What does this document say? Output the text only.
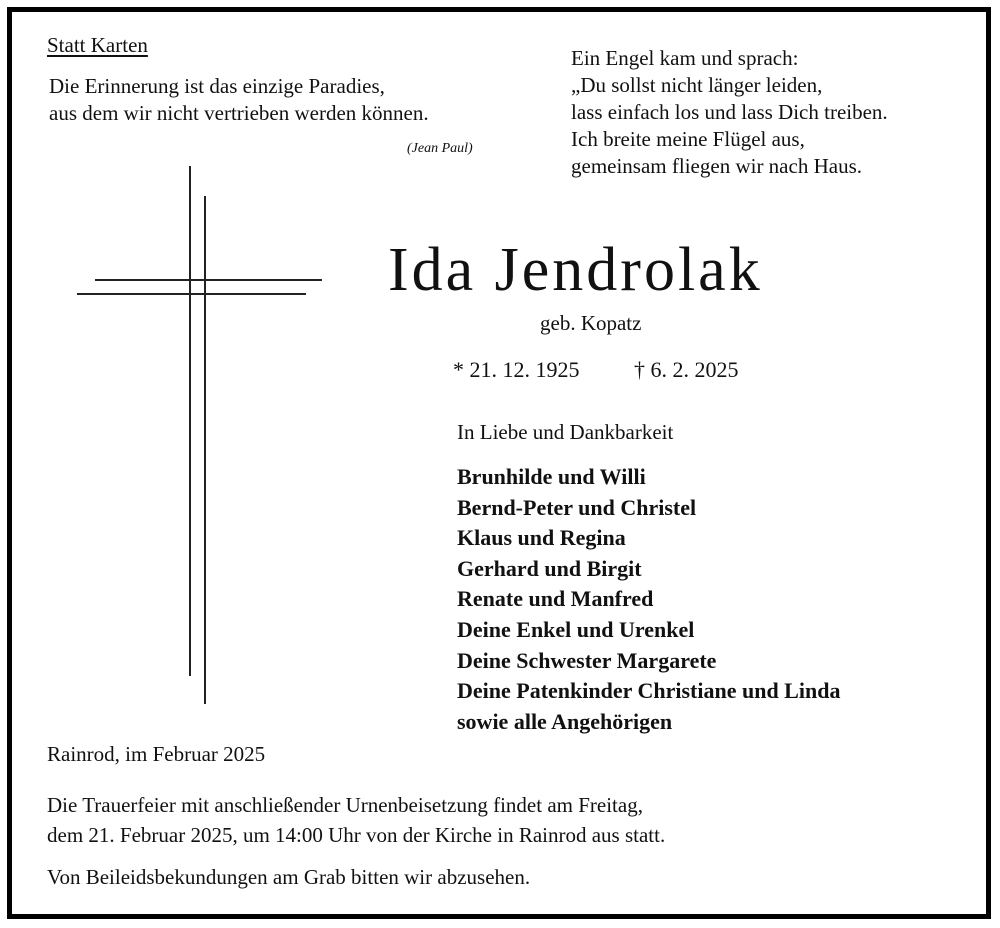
Statt Karten
Die Erinnerung ist das einzige Paradies,
aus dem wir nicht vertrieben werden können.
(Jean Paul)
Ein Engel kam und sprach:
„Du sollst nicht länger leiden,
lass einfach los und lass Dich treiben.
Ich breite meine Flügel aus,
gemeinsam fliegen wir nach Haus.
Ida Jendrolak
geb. Kopatz
* 21. 12. 1925 † 6. 2. 2025
In Liebe und Dankbarkeit
Brunhilde und Willi
Bernd-Peter und Christel
Klaus und Regina
Gerhard und Birgit
Renate und Manfred
Deine Enkel und Urenkel
Deine Schwester Margarete
Deine Patenkinder Christiane und Linda
sowie alle Angehörigen
Rainrod, im Februar 2025
Die Trauerfeier mit anschließender Urnenbeisetzung findet am Freitag,
dem 21. Februar 2025, um 14:00 Uhr von der Kirche in Rainrod aus statt.
Von Beileidsbekundungen am Grab bitten wir abzusehen.
